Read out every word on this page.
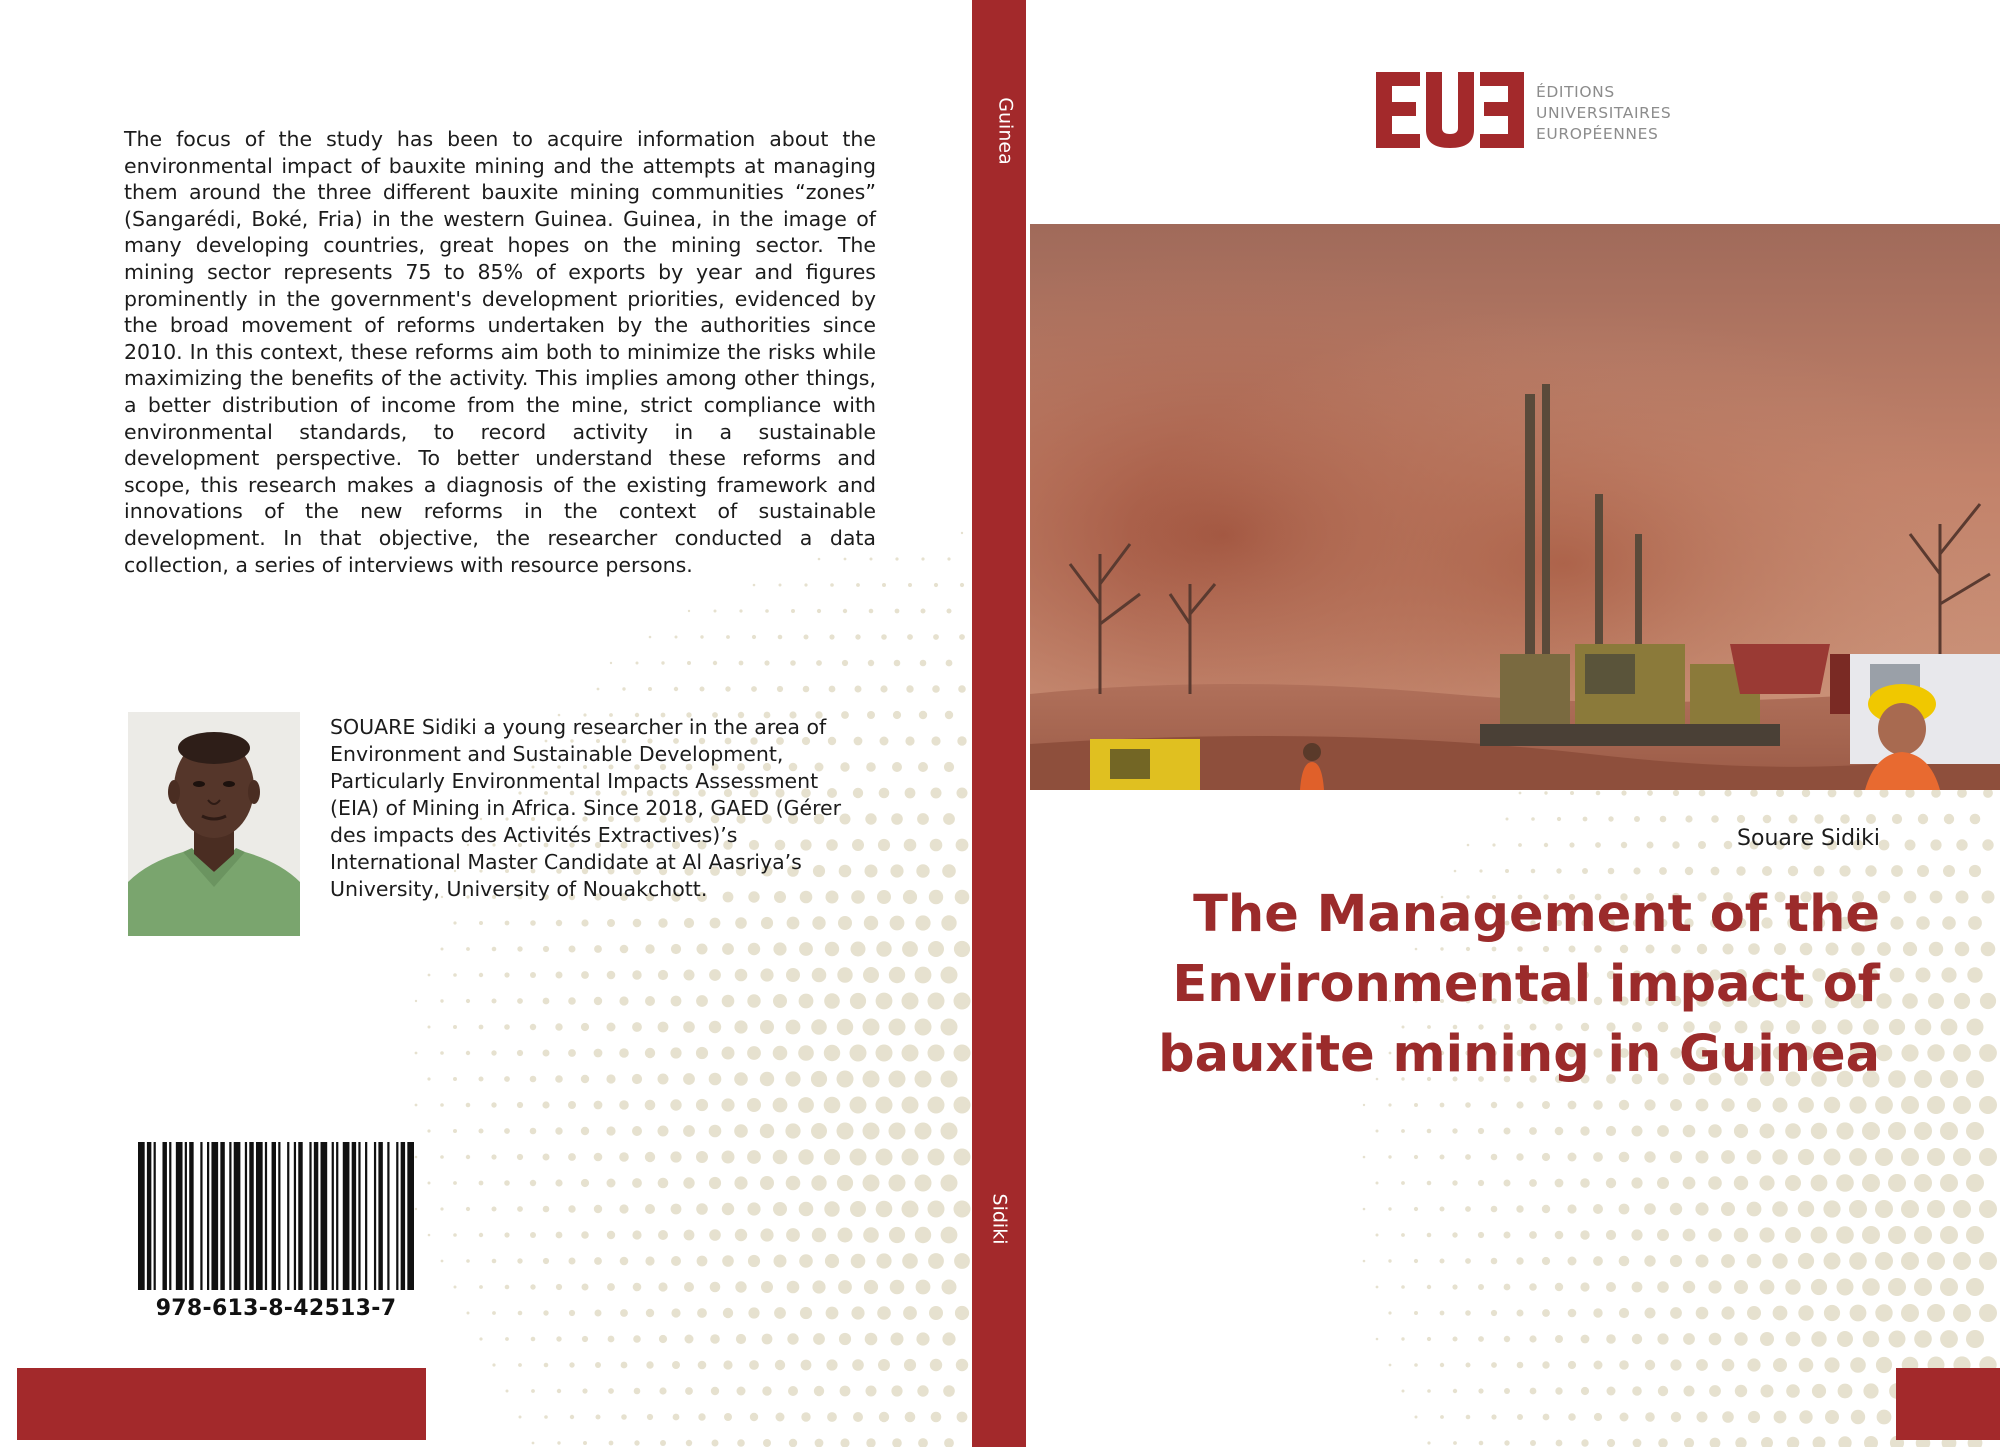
The focus of the study has been to acquire information about the environmental impact of bauxite mining and the attempts at managing them around the three different bauxite mining communities “zones” (Sangarédi, Boké, Fria) in the western Guinea. Guinea, in the image of many developing countries, great hopes on the mining sector. The mining sector represents 75 to 85% of exports by year and figures prominently in the government's development priorities, evidenced by the broad movement of reforms undertaken by the authorities since 2010. In this context, these reforms aim both to minimize the risks while maximizing the benefits of the activity. This implies among other things, a better distribution of income from the mine, strict compliance with environmental standards, to record activity in a sustainable development perspective. To better understand these reforms and scope, this research makes a diagnosis of the existing framework and innovations of the new reforms in the context of sustainable development. In that objective, the researcher conducted a data collection, a series of interviews with resource persons.

SOUARE Sidiki a young researcher in the area of Environment and Sustainable Development, Particularly Environmental Impacts Assessment (EIA) of Mining in Africa. Since 2018, GAED (Gérer des impacts des Activités Extractives)’s International Master Candidate at Al Aasriya’s University, University of Nouakchott.

978-613-8-42513-7
Guinea
Sidiki
ÉDITIONS
UNIVERSITAIRES
EUROPÉENNES
Souare Sidiki
The Management of the
Environmental impact of
bauxite mining in Guinea
